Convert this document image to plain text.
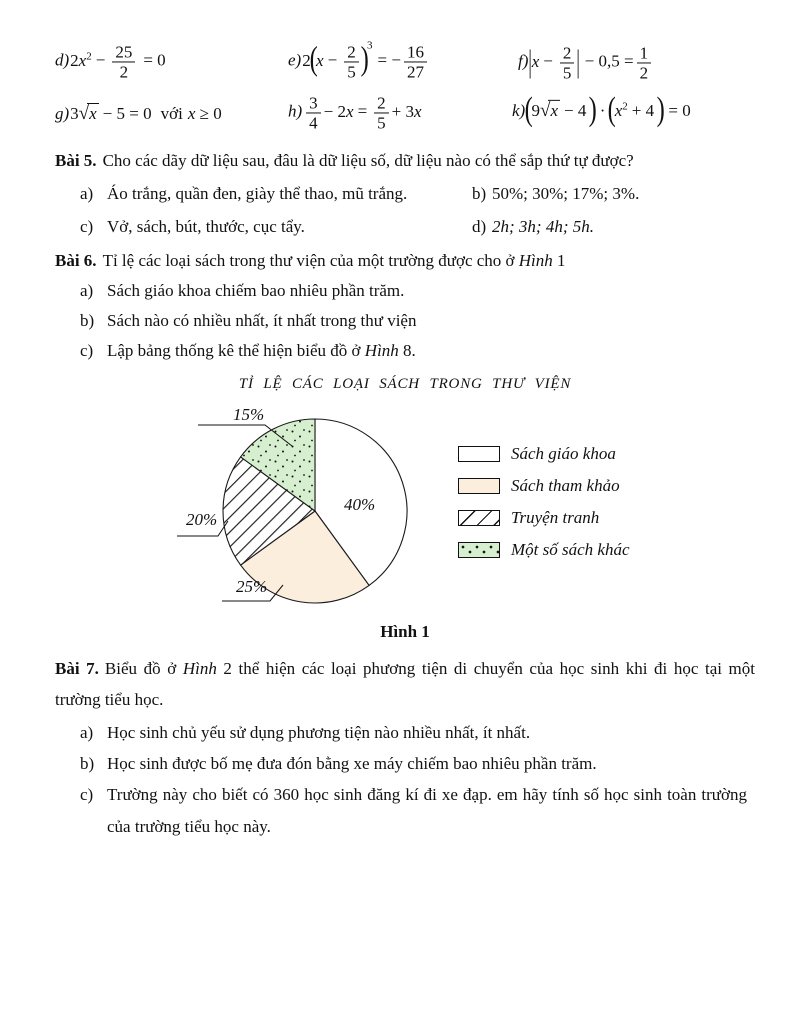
$d)2x^2 - \frac{25}{2} = 0$	$e)2(x - \frac{2}{5} )^3= - \frac{16}{27}$	$f)|x - \frac{2}{5}$ | − $0,5 = \frac{1}{2}$
g)3√x − 5 = 0 với x ≥ 0	$h) \frac{3}{4} - 2x = \frac{2}{5} + 3x$	$k)(9√x - 4) \cdot(x^2 + 4) = 0$

Bài 5. Cho các dãy dữ liệu sau, đâu là dữ liệu số, dữ liệu nào có thể sắp thứ tự được?

a) Áo trắng, quần đen, giày thể thao, mũ trắng.	b) 50%; 30%; 17%; 3%.
c) Vở, sách, bút, thước, cục tẩy.	d) 2h; 3h; 4h; 5h.

Bài 6. Tỉ lệ các loại sách trong thư viện của một trường được cho ở Hình 1

a) Sách giáo khoa chiếm bao nhiêu phần trăm.
b) Sách nào có nhiều nhất, ít nhất trong thư viện
c) Lập bảng thống kê thể hiện biểu đồ ở Hình 8.

TỈ LỆ CÁC LOẠI SÁCH TRONG THƯ VIỆN

40%
15%
20%
25%
Sách giáo khoa
Sách tham khảo
Truyện tranh
Một số sách khác

Hình 1

Bài 7. Biểu đồ ở Hình 2 thể hiện các loại phương tiện di chuyển của học sinh khi đi học tại một trường tiểu học.

a) Học sinh chủ yếu sử dụng phương tiện nào nhiều nhất, ít nhất.
b) Học sinh được bố mẹ đưa đón bằng xe máy chiếm bao nhiêu phần trăm.
c) Trường này cho biết có 360 học sinh đăng kí đi xe đạp. em hãy tính số học sinh toàn trường của trường tiểu học này.
